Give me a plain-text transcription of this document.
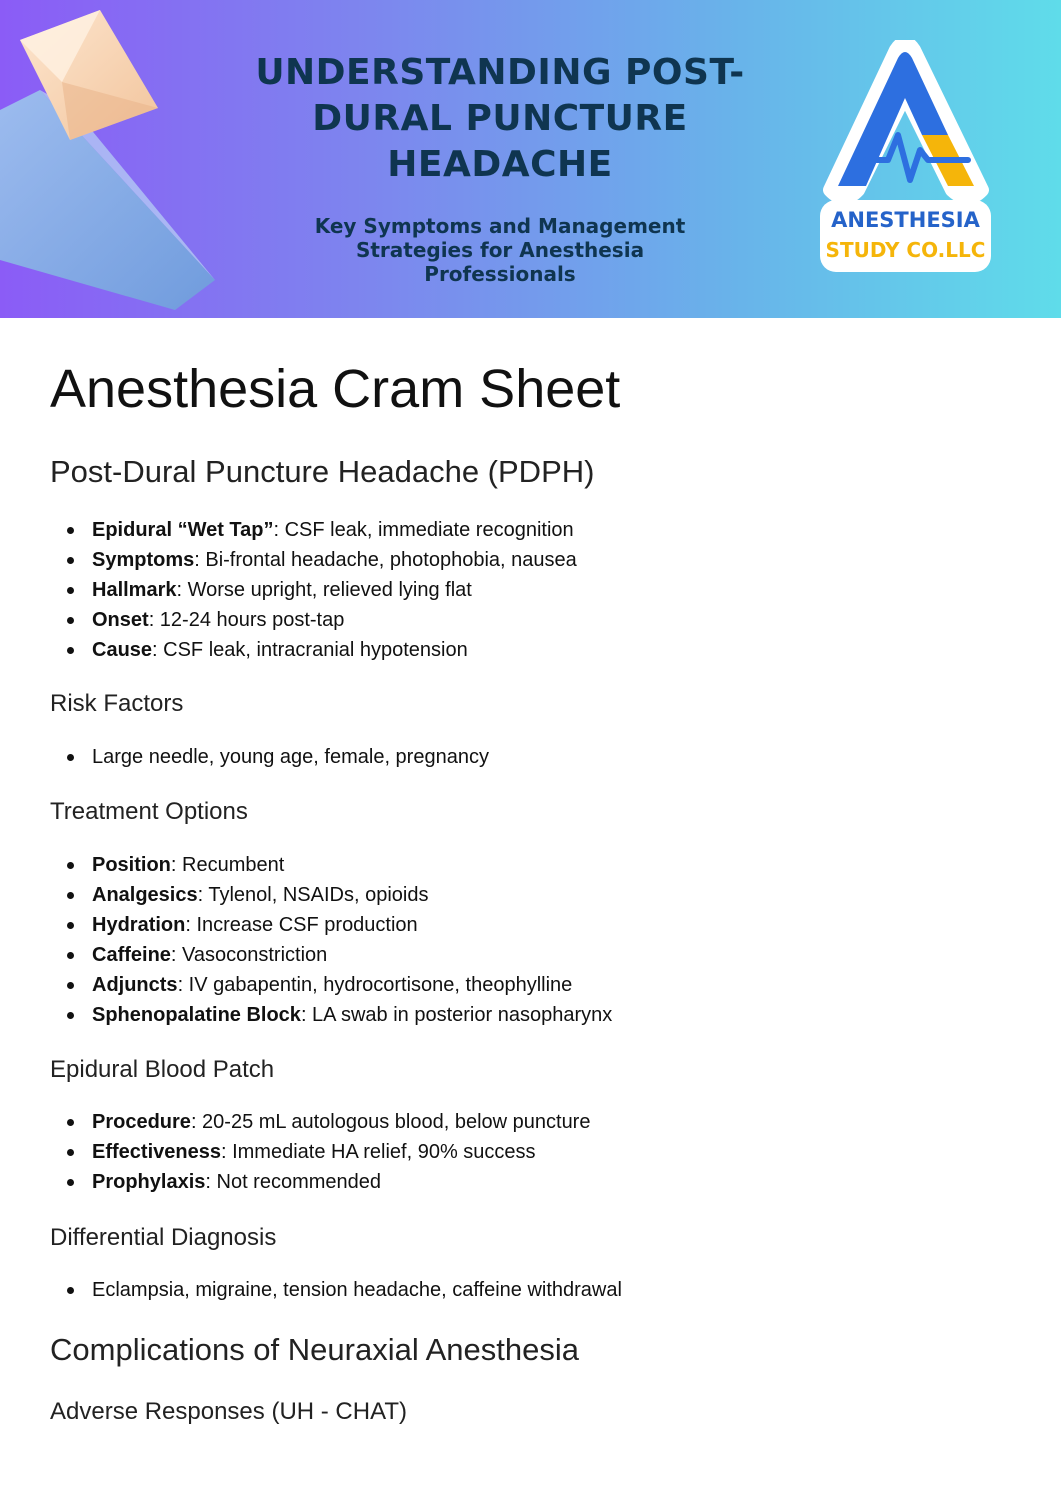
UNDERSTANDING POST-DURAL PUNCTURE HEADACHE

Key Symptoms and Management Strategies for Anesthesia Professionals

ANESTHESIA
STUDY CO.LLC
Anesthesia Cram Sheet
Post-Dural Puncture Headache (PDPH)
Epidural “Wet Tap”: CSF leak, immediate recognition
Symptoms: Bi-frontal headache, photophobia, nausea
Hallmark: Worse upright, relieved lying flat
Onset: 12-24 hours post-tap
Cause: CSF leak, intracranial hypotension
Risk Factors
Large needle, young age, female, pregnancy
Treatment Options
Position: Recumbent
Analgesics: Tylenol, NSAIDs, opioids
Hydration: Increase CSF production
Caffeine: Vasoconstriction
Adjuncts: IV gabapentin, hydrocortisone, theophylline
Sphenopalatine Block: LA swab in posterior nasopharynx
Epidural Blood Patch
Procedure: 20-25 mL autologous blood, below puncture
Effectiveness: Immediate HA relief, 90% success
Prophylaxis: Not recommended
Differential Diagnosis
Eclampsia, migraine, tension headache, caffeine withdrawal
Complications of Neuraxial Anesthesia
Adverse Responses (UH - CHAT)
